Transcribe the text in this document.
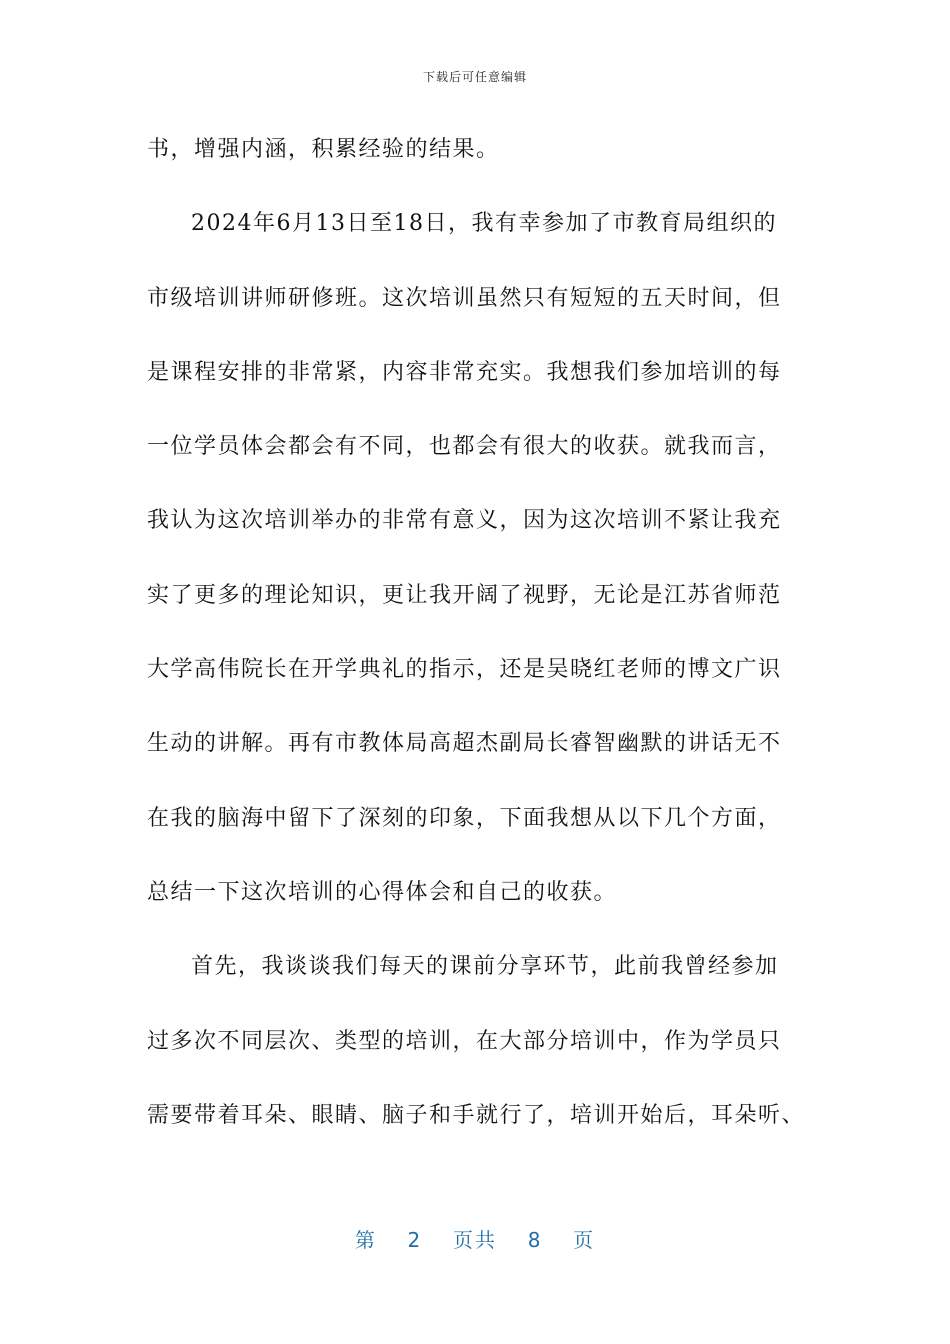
下载后可任意编辑

书，增强内涵，积累经验的结果。

2024年6月13日至18日，我有幸参加了市教育局组织的

市级培训讲师研修班。这次培训虽然只有短短的五天时间，但

是课程安排的非常紧，内容非常充实。我想我们参加培训的每

一位学员体会都会有不同，也都会有很大的收获。就我而言，

我认为这次培训举办的非常有意义，因为这次培训不紧让我充

实了更多的理论知识，更让我开阔了视野，无论是江苏省师范

大学高伟院长在开学典礼的指示，还是吴晓红老师的博文广识

生动的讲解。再有市教体局高超杰副局长睿智幽默的讲话无不

在我的脑海中留下了深刻的印象，下面我想从以下几个方面，

总结一下这次培训的心得体会和自己的收获。

首先，我谈谈我们每天的课前分享环节，此前我曾经参加

过多次不同层次、类型的培训，在大部分培训中，作为学员只

需要带着耳朵、眼睛、脑子和手就行了，培训开始后，耳朵听、

第 2 页共 8 页
